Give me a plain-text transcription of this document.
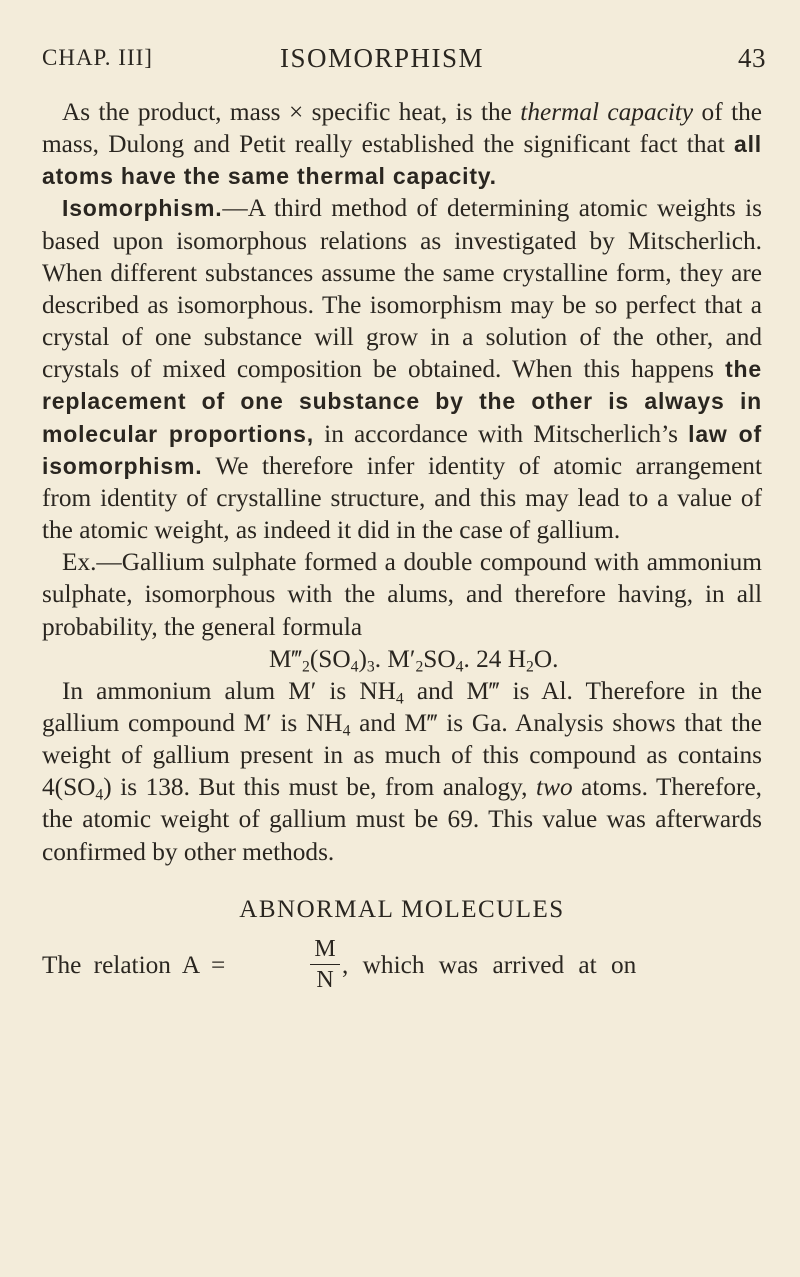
CHAP. III]	ISOMORPHISM	43

As the product, mass × specific heat, is the thermal capacity of the mass, Dulong and Petit really established the significant fact that all atoms have the same thermal capacity.

Isomorphism.—A third method of determining atomic weights is based upon isomorphous relations as investigated by Mitscherlich. When different substances assume the same crystalline form, they are described as isomorphous. The isomorphism may be so perfect that a crystal of one substance will grow in a solution of the other, and crystals of mixed composition be obtained. When this happens the replacement of one substance by the other is always in molecular proportions, in accordance with Mitscherlich’s law of isomorphism. We therefore infer identity of atomic arrangement from identity of crystalline structure, and this may lead to a value of the atomic weight, as indeed it did in the case of gallium.

Ex.—Gallium sulphate formed a double compound with ammonium sulphate, isomorphous with the alums, and therefore having, in all probability, the general formula

$M‴_2(SO_4)_3$. $M'_2SO_4$. 24 $H_2O$.

In ammonium alum M′ is $NH_4$ and M‴ is Al. Therefore in the gallium compound M′ is $NH_4$ and M‴ is Ga. Analysis shows that the weight of gallium present in as much of this compound as contains $4(SO_4)$ is 138. But this must be, from analogy, two atoms. Therefore, the atomic weight of gallium must be 69. This value was afterwards confirmed by other methods.

ABNORMAL MOLECULES
The relation A =	$\frac{M}{N}$ , which was arrived at on
